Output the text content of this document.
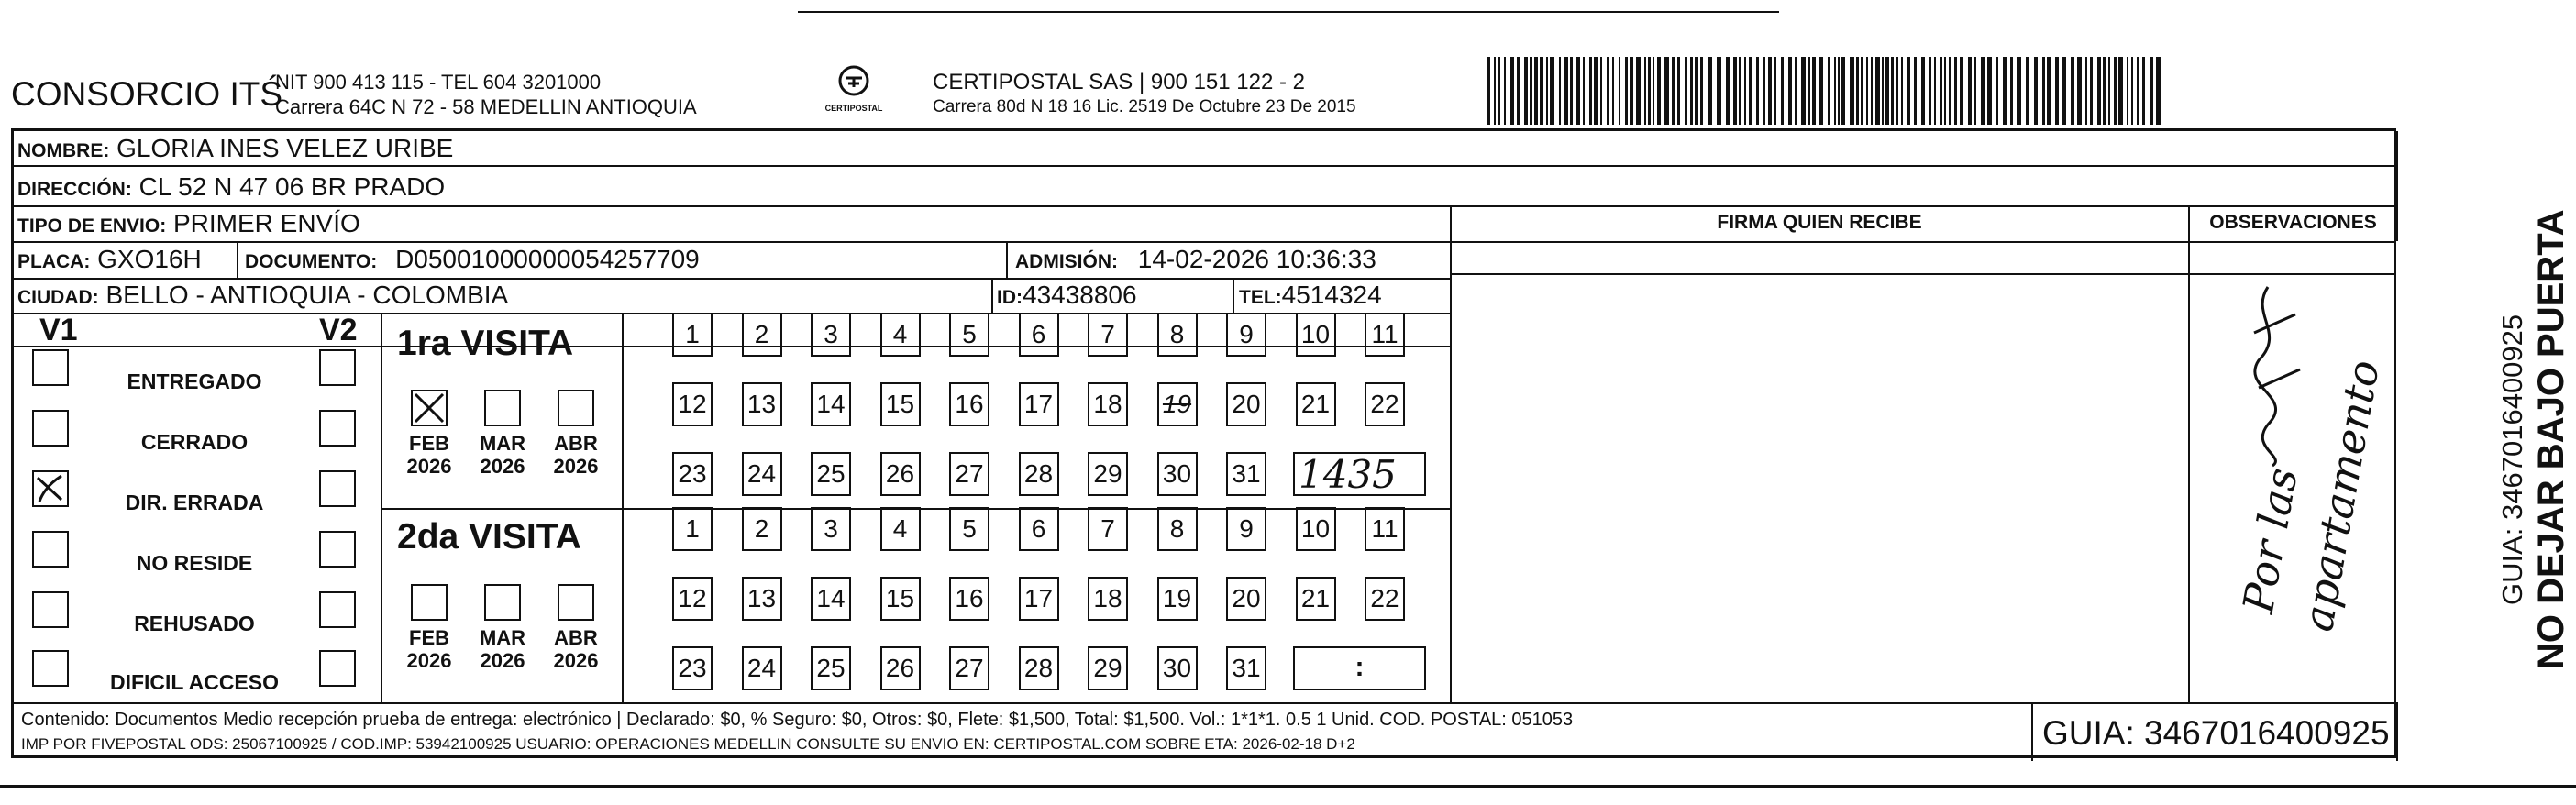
CONSORCIO ITŚ
NIT 900 413 115 - TEL 604 3201000
Carrera 64C N 72 - 58 MEDELLIN ANTIOQUIA	CERTIPOSTAL
CERTIPOSTAL SAS | 900 151 122 - 2
Carrera 80d N 18 16 Lic. 2519 De Octubre 23 De 2015
NOMBRE: GLORIA INES VELEZ URIBE
DIRECCIÓN: CL 52 N 47 06 BR PRADO
TIPO DE ENVIO: PRIMER ENVÍO
PLACA: GXO16H DOCUMENTO: D05001000000054257709	ADMISIÓN: 14-02-2026 10:36:33
CIUDAD: BELLO - ANTIOQUIA - COLOMBIA	ID:43438806	TEL:4514324
FIRMA QUIEN RECIBE	OBSERVACIONES
V1	V2
ENTREGADO
CERRADO
DIR. ERRADA
NO RESIDE
REHUSADO
DIFICIL ACCESO
1ra VISITA
2da VISITA
FEB
2026
MAR
2026
ABR
2026
FEB
2026
MAR
2026
ABR
2026
1	2	3	4	5	6	7	8	9	10 11
12 13 14 15 16 17 18 19 20 21 22
23 24 25 26 27 28 29 30 31
1	2	3	4	5	6	7	8	9	10 11
12 13 14 15 16 17 18 19 20 21 22
23 24 25 26 27 28 29 30 31
1435
:
Por las
apartamento
Contenido: Documentos Medio recepción prueba de entrega: electrónico | Declarado: $0, % Seguro: $0, Otros: $0, Flete: $1,500, Total: $1,500. Vol.: 1*1*1. 0.5 1 Unid. COD. POSTAL: 051053
IMP POR FIVEPOSTAL ODS: 25067100925 / COD.IMP: 53942100925 USUARIO: OPERACIONES MEDELLIN CONSULTE SU ENVIO EN: CERTIPOSTAL.COM SOBRE ETA: 2026-02-18 D+2	GUIA: 3467016400925
NO DEJAR BAJO PUERTA
GUIA: 3467016400925
